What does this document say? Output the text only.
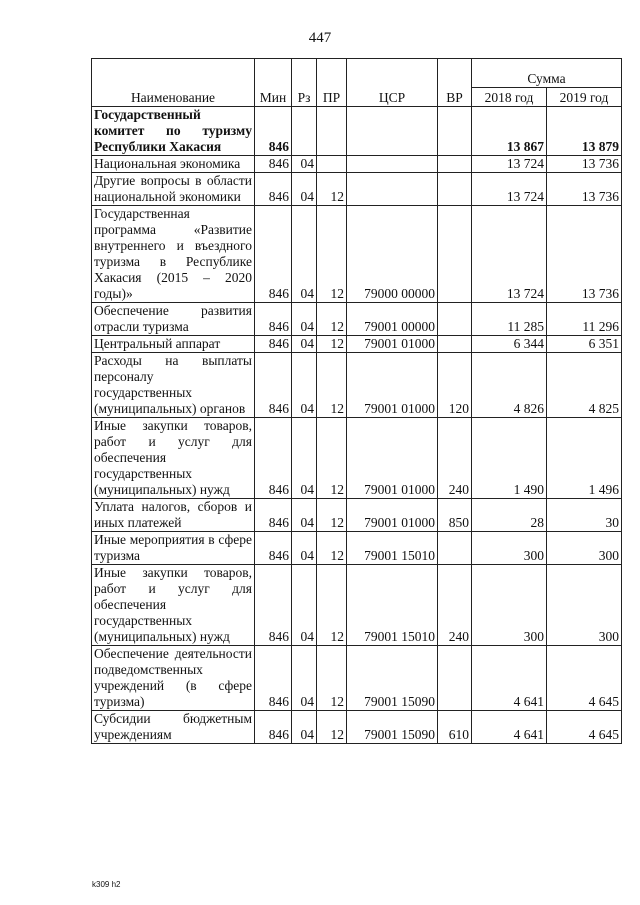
447
Наименование	Мин	Рз	ПР	ЦСР	ВР	Сумма	
						2018 год	2019 год
Государственный комитет по туризму Республики Хакасия	846					13 867	13 879
Национальная экономика	846	04				13 724	13 736
Другие вопросы в области национальной экономики	846	04	12			13 724	13 736
Государственная программа «Развитие внутреннего и въездного туризма в Республике Хакасия (2015 – 2020 годы)»	846	04	12	79000 00000		13 724	13 736
Обеспечение развития отрасли туризма	846	04	12	79001 00000		11 285	11 296
Центральный аппарат	846	04	12	79001 01000		6 344	6 351
Расходы на выплаты персоналу государственных (муниципальных) органов	846	04	12	79001 01000	120	4 826	4 825
Иные закупки товаров, работ и услуг для обеспечения государственных (муниципальных) нужд	846	04	12	79001 01000	240	1 490	1 496
Уплата налогов, сборов и иных платежей	846	04	12	79001 01000	850	28	30
Иные мероприятия в сфере туризма	846	04	12	79001 15010		300	300
Иные закупки товаров, работ и услуг для обеспечения государственных (муниципальных) нужд	846	04	12	79001 15010	240	300	300
Обеспечение деятельности подведомственных учреждений (в сфере туризма)	846	04	12	79001 15090		4 641	4 645
Субсидии бюджетным учреждениям	846	04	12	79001 15090	610	4 641	4 645
k309 h2
